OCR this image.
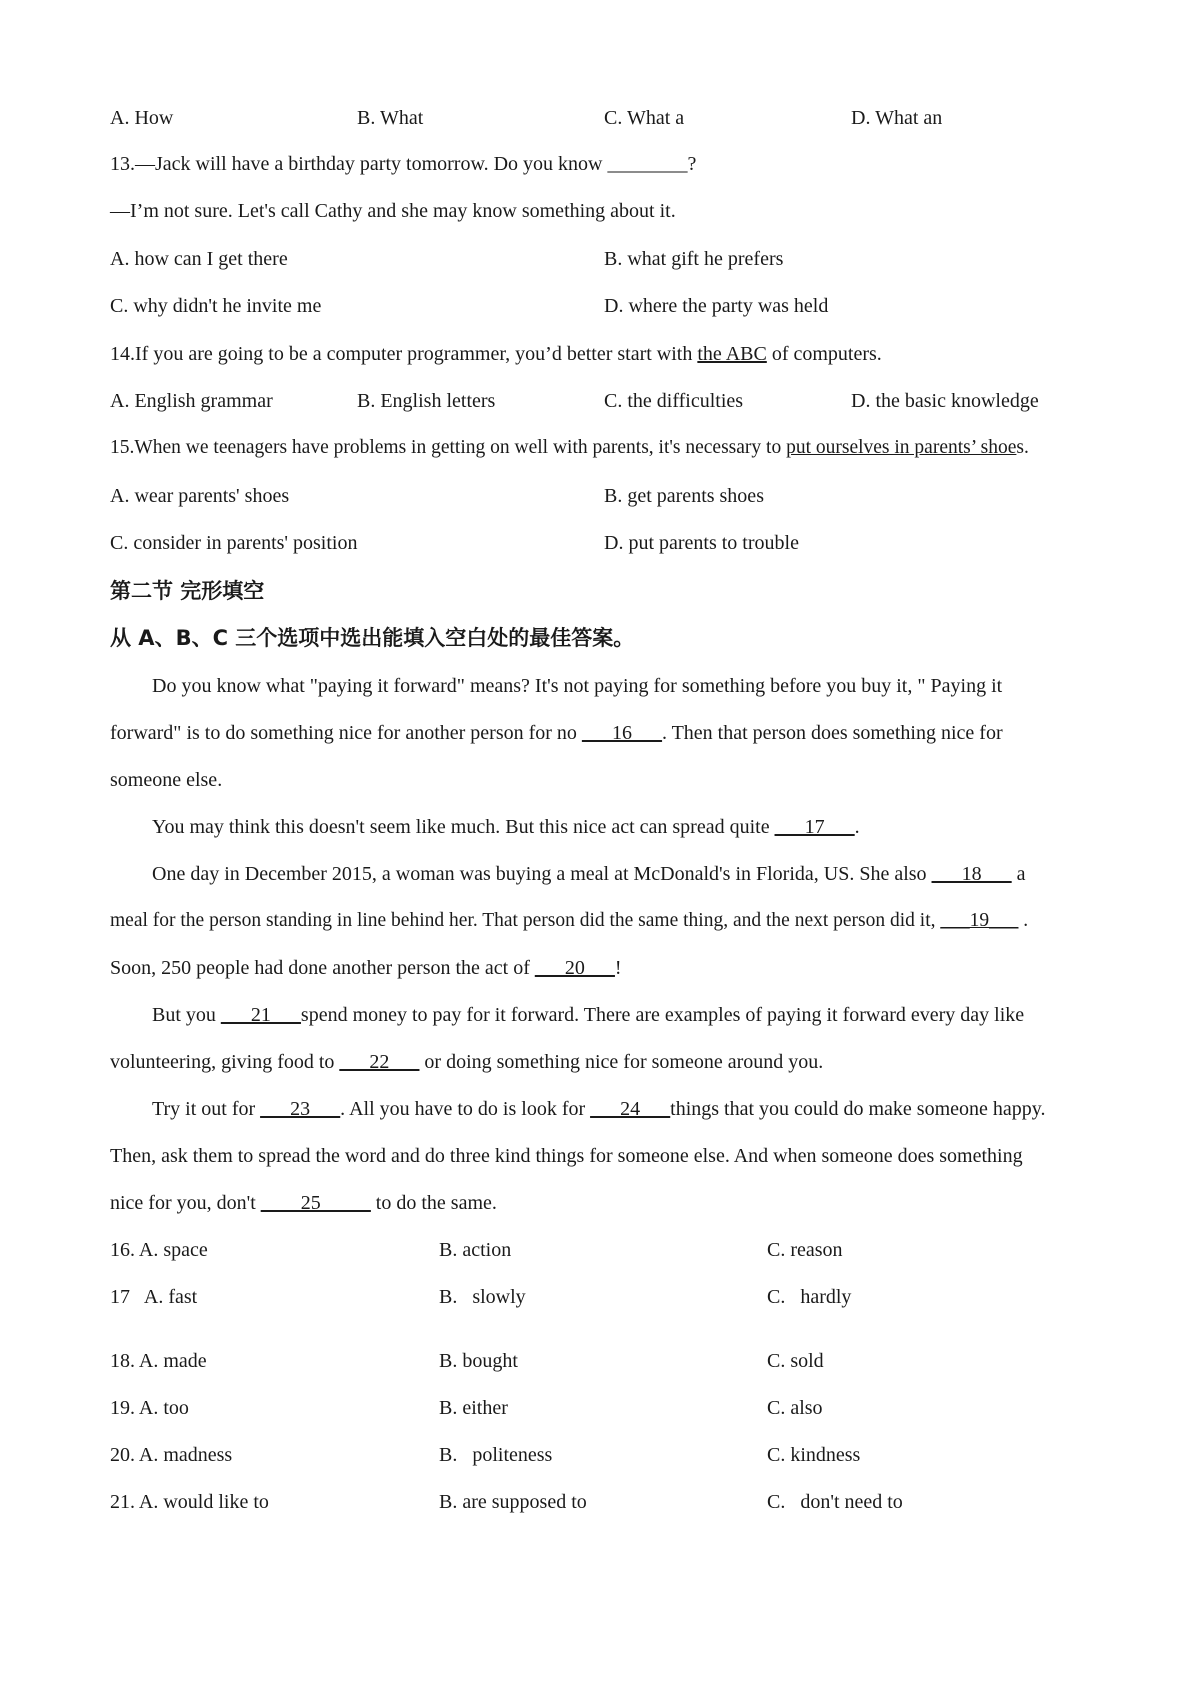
A. How	B. What	C. What a	D. What an
13.—Jack will have a birthday party tomorrow. Do you know ________?
—I’m not sure. Let's call Cathy and she may know something about it.
A. how can I get there	B. what gift he prefers
C. why didn't he invite me	D. where the party was held
14.If you are going to be a computer programmer, you’d better start with the ABC of computers.
A. English grammar	B. English letters	C. the difficulties	D. the basic knowledge
15.When we teenagers have problems in getting on well with parents, it's necessary to put ourselves in parents’ shoes.
A. wear parents' shoes	B. get parents shoes
C. consider in parents' position	D. put parents to trouble
第二节 完形填空
从 A、B、C 三个选项中选出能填入空白处的最佳答案。
Do you know what "paying it forward" means? It's not paying for something before you buy it, " Paying it
forward" is to do something nice for another person for no ___16___. Then that person does something nice for
someone else.
You may think this doesn't seem like much. But this nice act can spread quite ___17___.
One day in December 2015, a woman was buying a meal at McDonald's in Florida, US. She also ___18___ a
meal for the person standing in line behind her. That person did the same thing, and the next person did it, ___19___ .
Soon, 250 people had done another person the act of ___20___!
But you ___21___spend money to pay for it forward. There are examples of paying it forward every day like
volunteering, giving food to ___22___ or doing something nice for someone around you.
Try it out for ___23___. All you have to do is look for ___24___things that you could do make someone happy.
Then, ask them to spread the word and do three kind things for someone else. And when someone does something
nice for you, don't ____25_____ to do the same.
16. A. space	B. action	C. reason
17   A. fast	B.   slowly	C.   hardly
18. A. made	B. bought	C. sold
19. A. too	B. either	C. also
20. A. madness	B.   politeness	C. kindness
21. A. would like to	B. are supposed to	C.   don't need to
